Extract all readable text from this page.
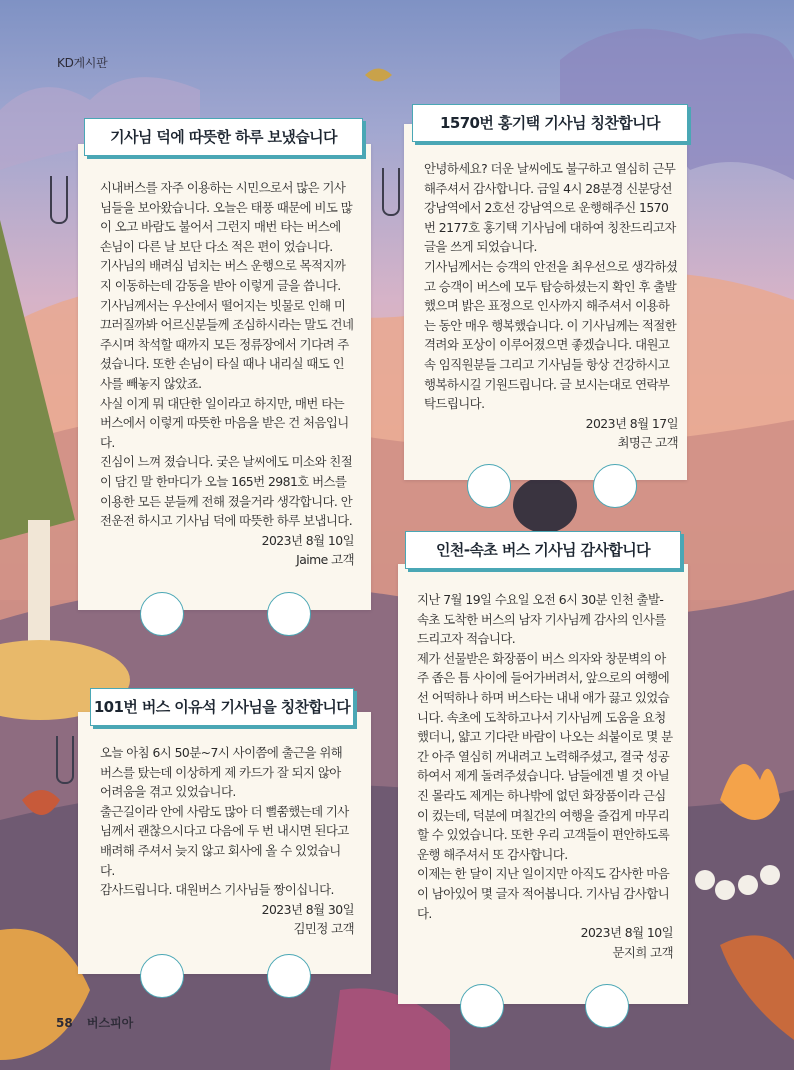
KD게시판
기사님 덕에 따뜻한 하루 보냈습니다

시내버스를 자주 이용하는 시민으로서 많은 기사님들을 보아왔습니다. 오늘은 태풍 때문에 비도 많이 오고 바람도 불어서 그런지 매번 타는 버스에 손님이 다른 날 보단 다소 적은 편이 었습니다.

기사님의 배려심 넘치는 버스 운행으로 목적지까지 이동하는데 감동을 받아 이렇게 글을 씁니다. 기사님께서는 우산에서 떨어지는 빗물로 인해 미끄러질까봐 어르신분들께 조심하시라는 말도 건네주시며 착석할 때까지 모든 정류장에서 기다려 주셨습니다. 또한 손님이 타실 때나 내리실 때도 인사를 빼놓지 않았죠.

사실 이게 뭐 대단한 일이라고 하지만, 매번 타는 버스에서 이렇게 따뜻한 마음을 받은 건 처음입니다.

진심이 느껴 졌습니다. 궂은 날씨에도 미소와 친절이 담긴 말 한마디가 오늘 165번 2981호 버스를 이용한 모든 분들께 전해 졌을거라 생각합니다. 안전운전 하시고 기사님 덕에 따뜻한 하루 보냅니다.

2023년 8월 10일

Jaime 고객

1570번 홍기택 기사님 칭찬합니다

안녕하세요? 더운 날씨에도 불구하고 열심히 근무해주셔서 감사합니다. 금일 4시 28분경 신분당선 강남역에서 2호선 강남역으로 운행해주신 1570번 2177호 홍기택 기사님에 대하여 칭찬드리고자 글을 쓰게 되었습니다.

기사님께서는 승객의 안전을 최우선으로 생각하셨고 승객이 버스에 모두 탑승하셨는지 확인 후 출발했으며 밝은 표정으로 인사까지 해주셔서 이용하는 동안 매우 행복했습니다. 이 기사님께는 적절한 격려와 포상이 이루어졌으면 좋겠습니다. 대원고속 임직원분들 그리고 기사님들 항상 건강하시고 행복하시길 기원드립니다. 글 보시는대로 연락부탁드립니다.

2023년 8월 17일

최명근 고객

인천-속초 버스 기사님 감사합니다

지난 7월 19일 수요일 오전 6시 30분 인천 출발-속초 도착한 버스의 남자 기사님께 감사의 인사를 드리고자 적습니다.

제가 선물받은 화장품이 버스 의자와 창문벽의 아주 좁은 틈 사이에 들어가버려서, 앞으로의 여행에 선 어떡하나 하며 버스타는 내내 애가 끓고 있었습니다. 속초에 도착하고나서 기사님께 도움을 요청했더니, 얇고 기다란 바람이 나오는 쇠붙이로 몇 분간 아주 열심히 꺼내려고 노력해주셨고, 결국 성공하여서 제게 돌려주셨습니다. 남들에겐 별 것 아닐진 몰라도 제게는 하나밖에 없던 화장품이라 근심이 컸는데, 덕분에 며칠간의 여행을 즐겁게 마무리할 수 있었습니다. 또한 우리 고객들이 편안하도록 운행 해주셔서 또 감사합니다.

이제는 한 달이 지난 일이지만 아직도 감사한 마음이 남아있어 몇 글자 적어봅니다. 기사님 감사합니다.

2023년 8월 10일

문지희 고객

101번 버스 이유석 기사님을 칭찬합니다

오늘 아침 6시 50분~7시 사이쯤에 출근을 위해 버스를 탔는데 이상하게 제 카드가 잘 되지 않아 어려움을 겪고 있었습니다.

출근길이라 안에 사람도 많아 더 뻘쭘했는데 기사님께서 괜찮으시다고 다음에 두 번 내시면 된다고 배려해 주셔서 늦지 않고 회사에 올 수 있었습니다.

감사드립니다. 대원버스 기사님들 짱이십니다.

2023년 8월 30일

김민정 고객

58 버스피아
